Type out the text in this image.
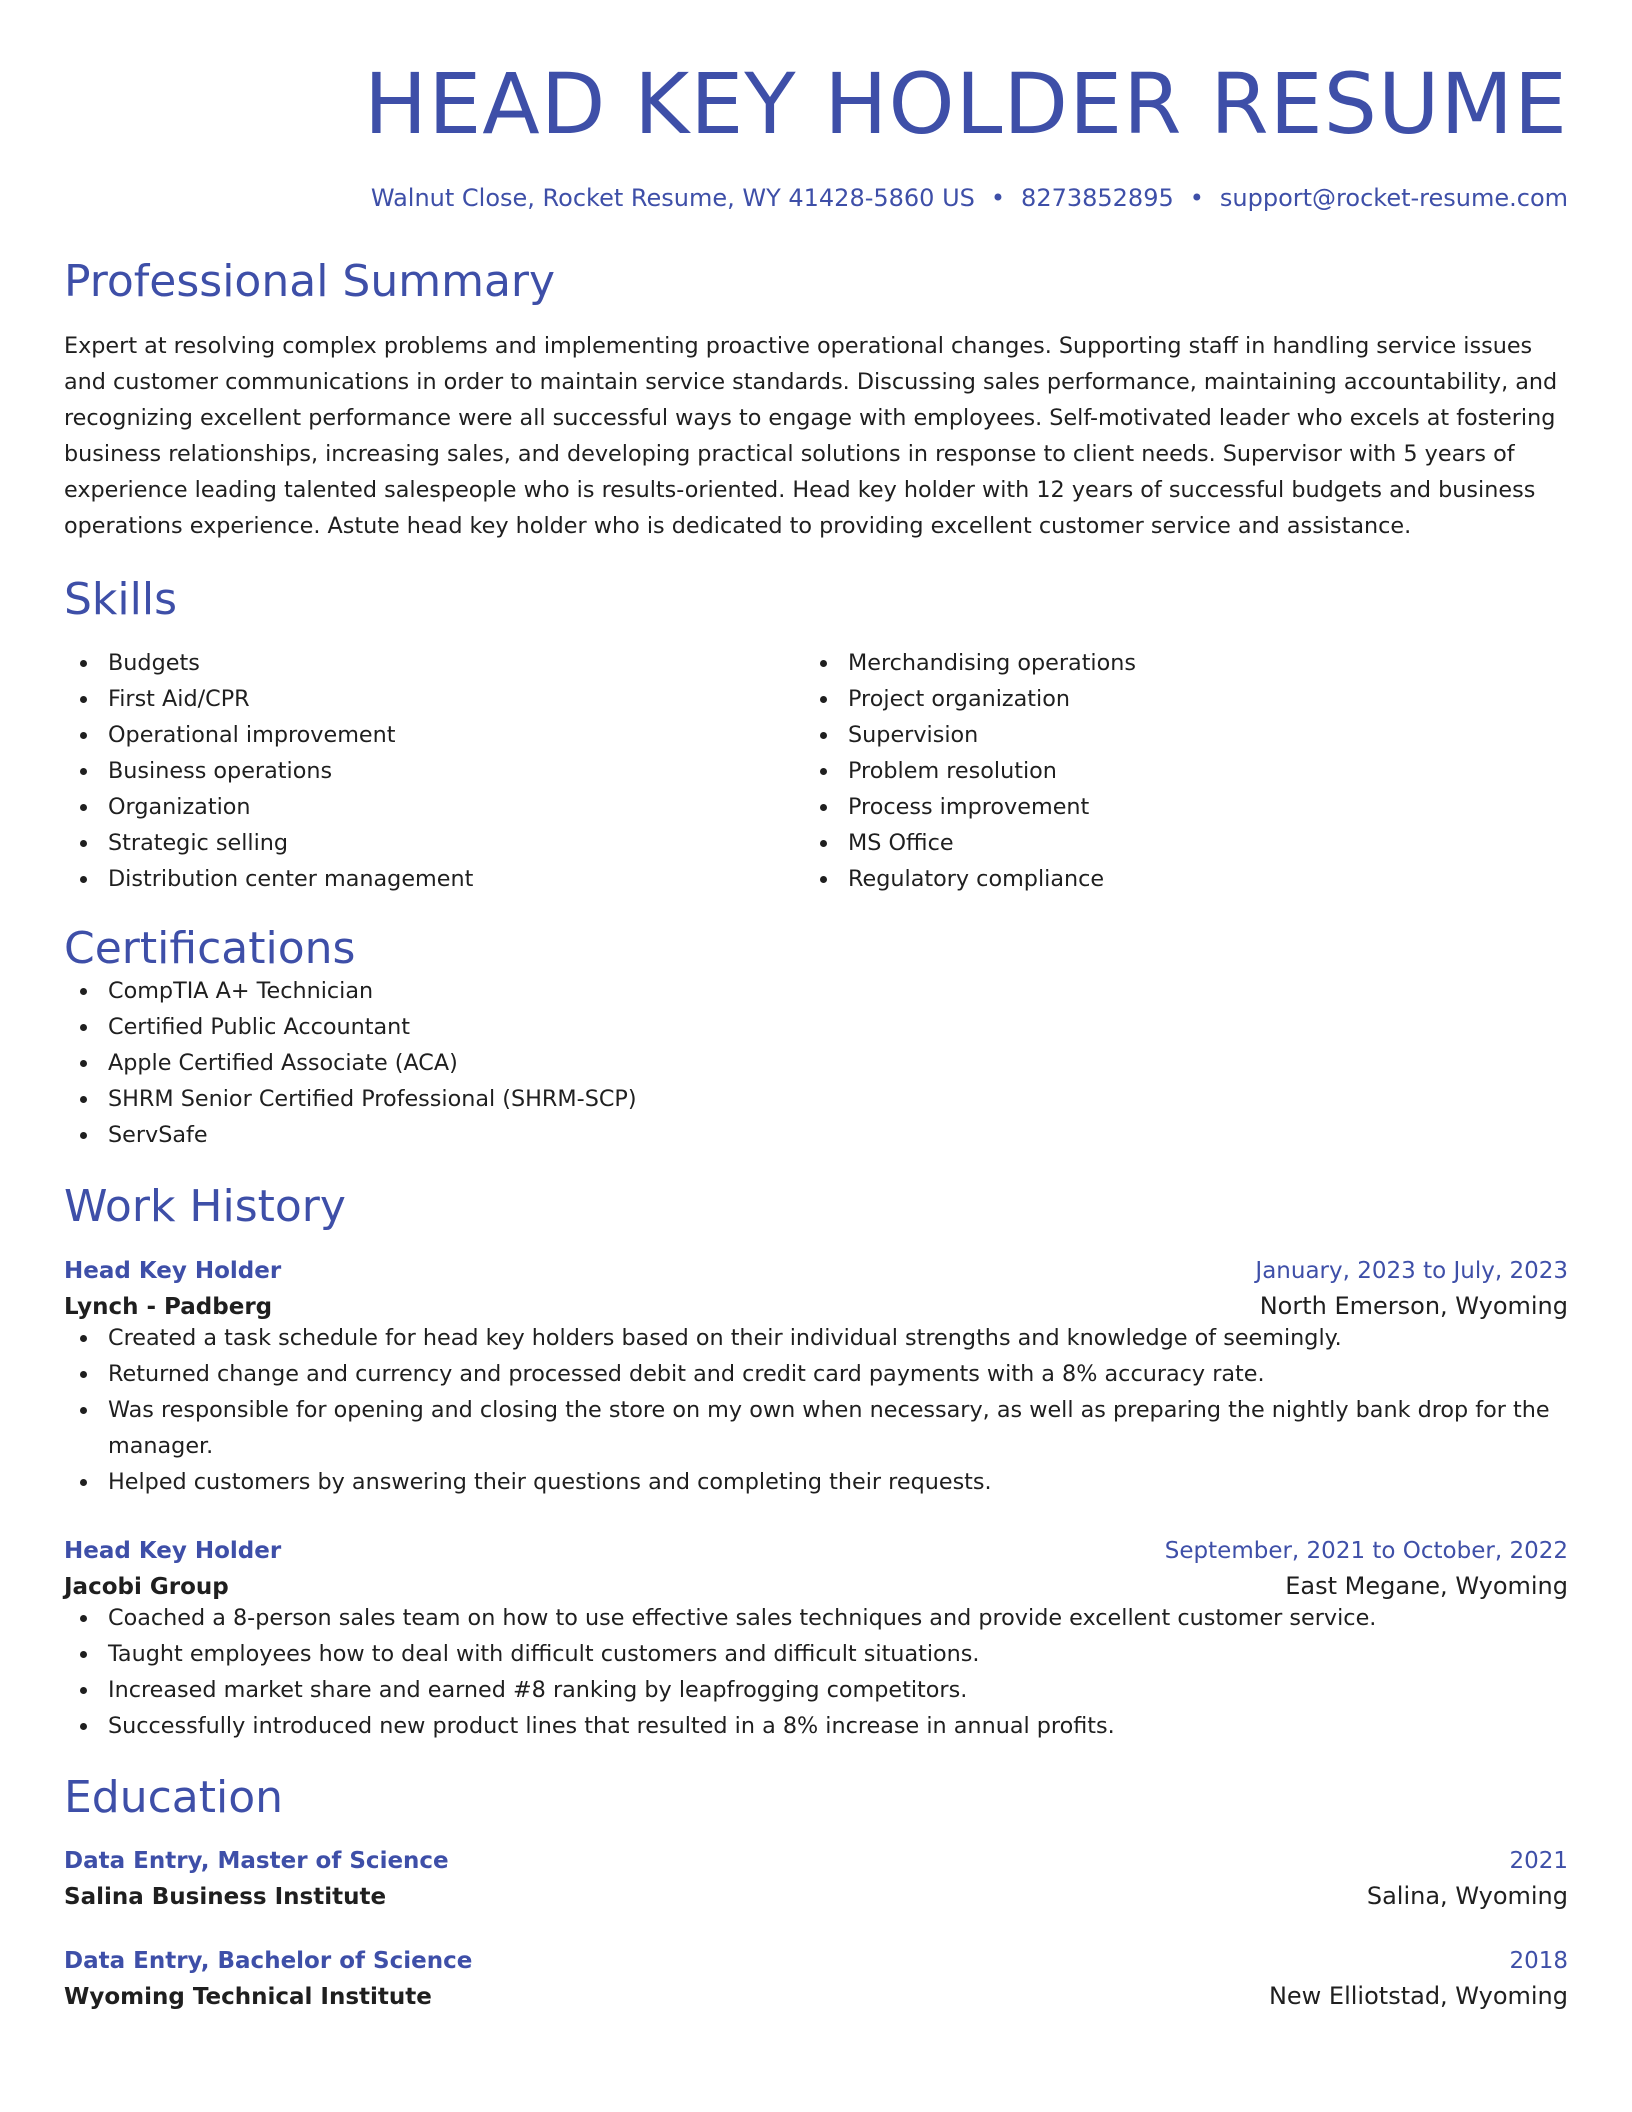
HEAD KEY HOLDER RESUME
Walnut Close, Rocket Resume, WY 41428-5860 US • 8273852895 • support@rocket-resume.com
Professional Summary
Expert at resolving complex problems and implementing proactive operational changes. Supporting staff in handling service issues and customer communications in order to maintain service standards. Discussing sales performance, maintaining accountability, and recognizing excellent performance were all successful ways to engage with employees. Self-motivated leader who excels at fostering business relationships, increasing sales, and developing practical solutions in response to client needs. Supervisor with 5 years of experience leading talented salespeople who is results-oriented. Head key holder with 12 years of successful budgets and business operations experience. Astute head key holder who is dedicated to providing excellent customer service and assistance.
Skills
Budgets
First Aid/CPR
Operational improvement
Business operations
Organization
Strategic selling
Distribution center management
Merchandising operations
Project organization
Supervision
Problem resolution
Process improvement
MS Office
Regulatory compliance
Certifications
CompTIA A+ Technician
Certified Public Accountant
Apple Certified Associate (ACA)
SHRM Senior Certified Professional (SHRM-SCP)
ServSafe
Work History
Head Key Holder	January, 2023 to July, 2023
Lynch - Padberg	North Emerson, Wyoming
Created a task schedule for head key holders based on their individual strengths and knowledge of seemingly.
Returned change and currency and processed debit and credit card payments with a 8% accuracy rate.
Was responsible for opening and closing the store on my own when necessary, as well as preparing the nightly bank drop for the manager.
Helped customers by answering their questions and completing their requests.
Head Key Holder	September, 2021 to October, 2022
Jacobi Group	East Megane, Wyoming
Coached a 8-person sales team on how to use effective sales techniques and provide excellent customer service.
Taught employees how to deal with difficult customers and difficult situations.
Increased market share and earned #8 ranking by leapfrogging competitors.
Successfully introduced new product lines that resulted in a 8% increase in annual profits.
Education
Data Entry, Master of Science	2021
Salina Business Institute	Salina, Wyoming
Data Entry, Bachelor of Science	2018
Wyoming Technical Institute	New Elliotstad, Wyoming
